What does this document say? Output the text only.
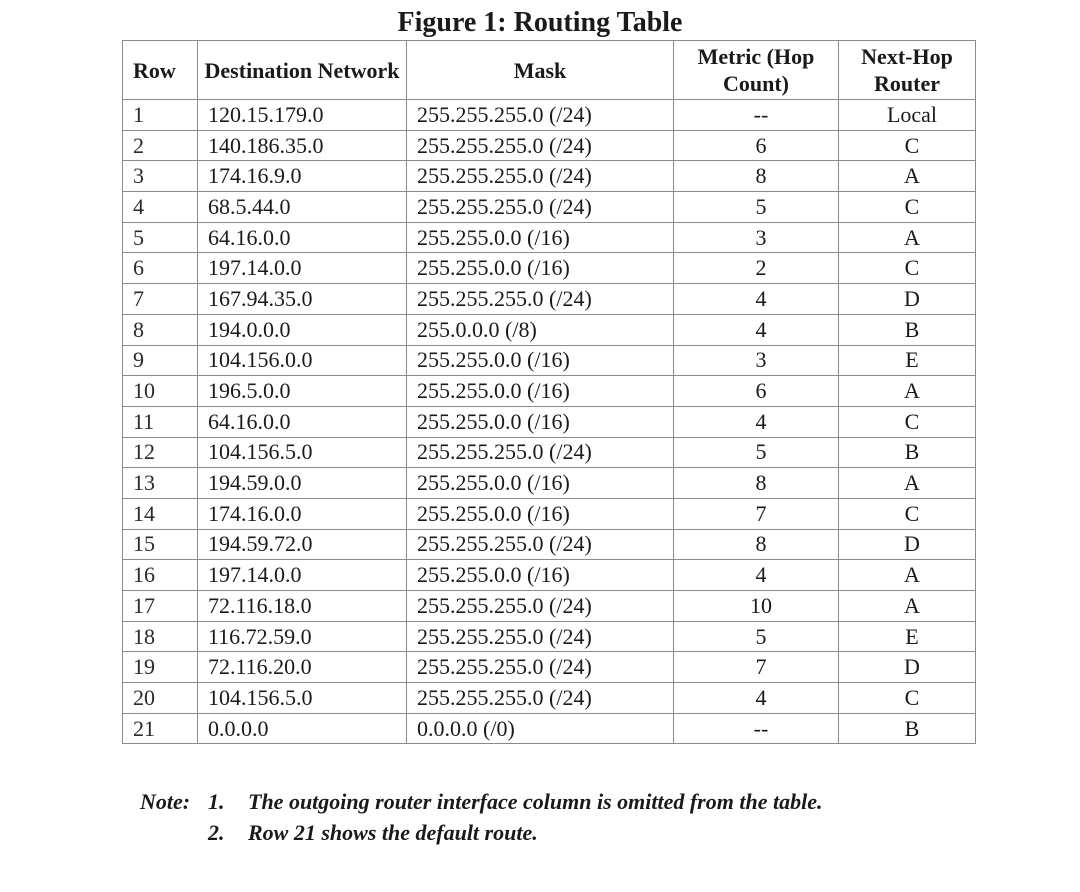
Figure 1: Routing Table
Row	Destination Network	Mask	Metric (Hop Count)	Next-Hop Router
1	120.15.179.0	255.255.255.0 (/24)	--	Local
2	140.186.35.0	255.255.255.0 (/24)	6	C
3	174.16.9.0	255.255.255.0 (/24)	8	A
4	68.5.44.0	255.255.255.0 (/24)	5	C
5	64.16.0.0	255.255.0.0 (/16)	3	A
6	197.14.0.0	255.255.0.0 (/16)	2	C
7	167.94.35.0	255.255.255.0 (/24)	4	D
8	194.0.0.0	255.0.0.0 (/8)	4	B
9	104.156.0.0	255.255.0.0 (/16)	3	E
10	196.5.0.0	255.255.0.0 (/16)	6	A
11	64.16.0.0	255.255.0.0 (/16)	4	C
12	104.156.5.0	255.255.255.0 (/24)	5	B
13	194.59.0.0	255.255.0.0 (/16)	8	A
14	174.16.0.0	255.255.0.0 (/16)	7	C
15	194.59.72.0	255.255.255.0 (/24)	8	D
16	197.14.0.0	255.255.0.0 (/16)	4	A
17	72.116.18.0	255.255.255.0 (/24)	10	A
18	116.72.59.0	255.255.255.0 (/24)	5	E
19	72.116.20.0	255.255.255.0 (/24)	7	D
20	104.156.5.0	255.255.255.0 (/24)	4	C
21	0.0.0.0	0.0.0.0 (/0)	--	B
Note: 1.	The outgoing router interface column is omitted from the table.
2.	Row 21 shows the default route.
